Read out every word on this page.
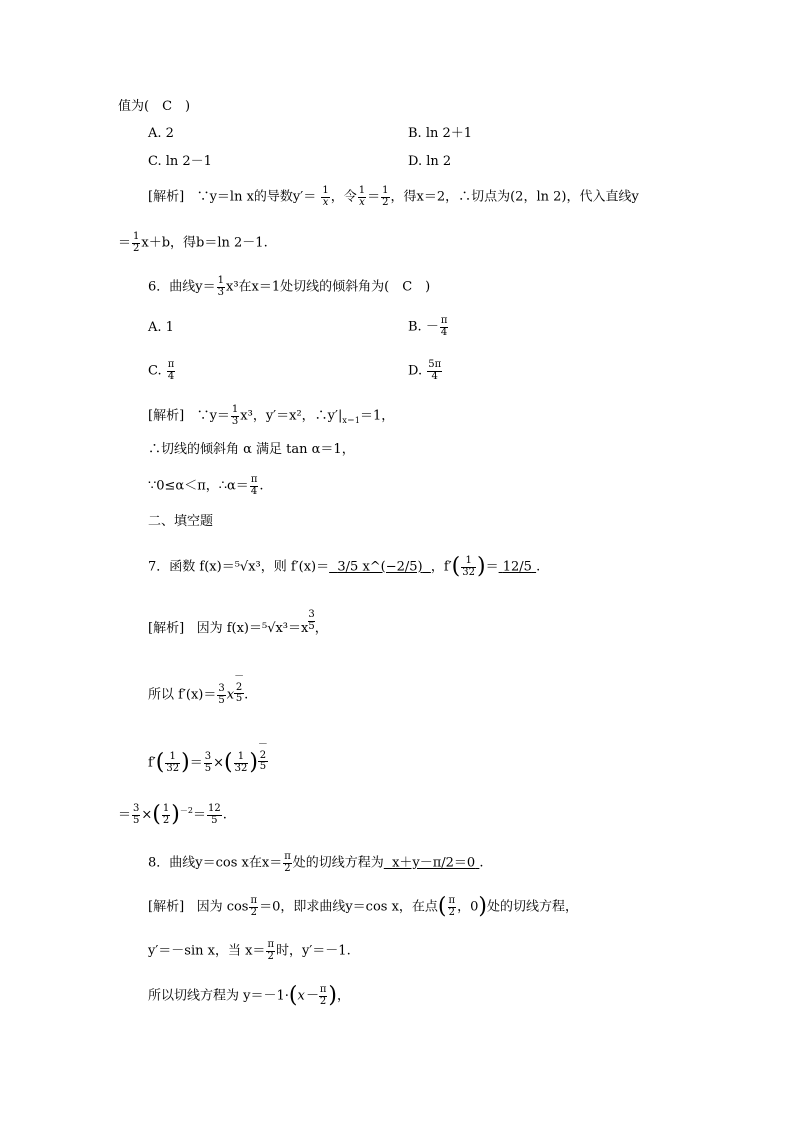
值为(　C　)
A. 2	B. ln 2＋1
C. ln 2－1	D. ln 2
[解析] ∵y＝ln x的导数$y'= \frac{1}{x}$ ，令 $\frac{1}{x} = \frac{1}{2}$ ，得x＝2，∴切点为(2，ln 2)，代入直线y
＝ $\frac{1}{2} x+b$，得b＝ln 2－1.
6．曲线$y= \frac{1}{3} x^3$在x＝1处切线的倾斜角为(　C　)
A. 1	B. － $\frac{\pi}{4}$
C. $\frac{\pi}{4}$	D. $\frac{5\pi}{4}$
[解析] ∵y＝ $\frac{1}{3} x^3$，y′＝x²，$\therefore y'|_{x=1}=1$，
∴切线的倾斜角 α 满足 tan α＝1，
∵0≤α＜π，∴α＝ $\frac{\pi}{4}$ .
二、填空题
7．函数 f(x)＝⁵√x³，则 f′(x)＝ 3/5 x^(−2/5) ，$f'( \frac{1}{32}$ )＝ 12/5 .
[解析] 因为 $f(x)=^5√x^3=x \frac{3}{5}$，
所以 $f'(x)= \frac{3}{5} x-$
2
5 .
$f'( \frac{1}{32}$ )＝ $\frac{3}{5}$ ×( $\frac{1}{32}$ )－
2
5
＝ $\frac{3}{5}$ ×( $\frac{1}{2} )^{-2}= \frac{12}{5}$ .
8．曲线y＝cos x在$x= \frac{\pi}{2}$ 处的切线方程为 x＋y－π/2＝0 .
[解析] 因为 $\cos \frac{\pi}{2} =0$，即求曲线y＝cos x，在点( $\frac{\pi}{2}$ ，0)处的切线方程，
y′＝－sin x，当 $x= \frac{\pi}{2}$ 时，y′＝－1.
所以切线方程为 $y=-1\cdot(x- \frac{\pi}{2}$ )，
